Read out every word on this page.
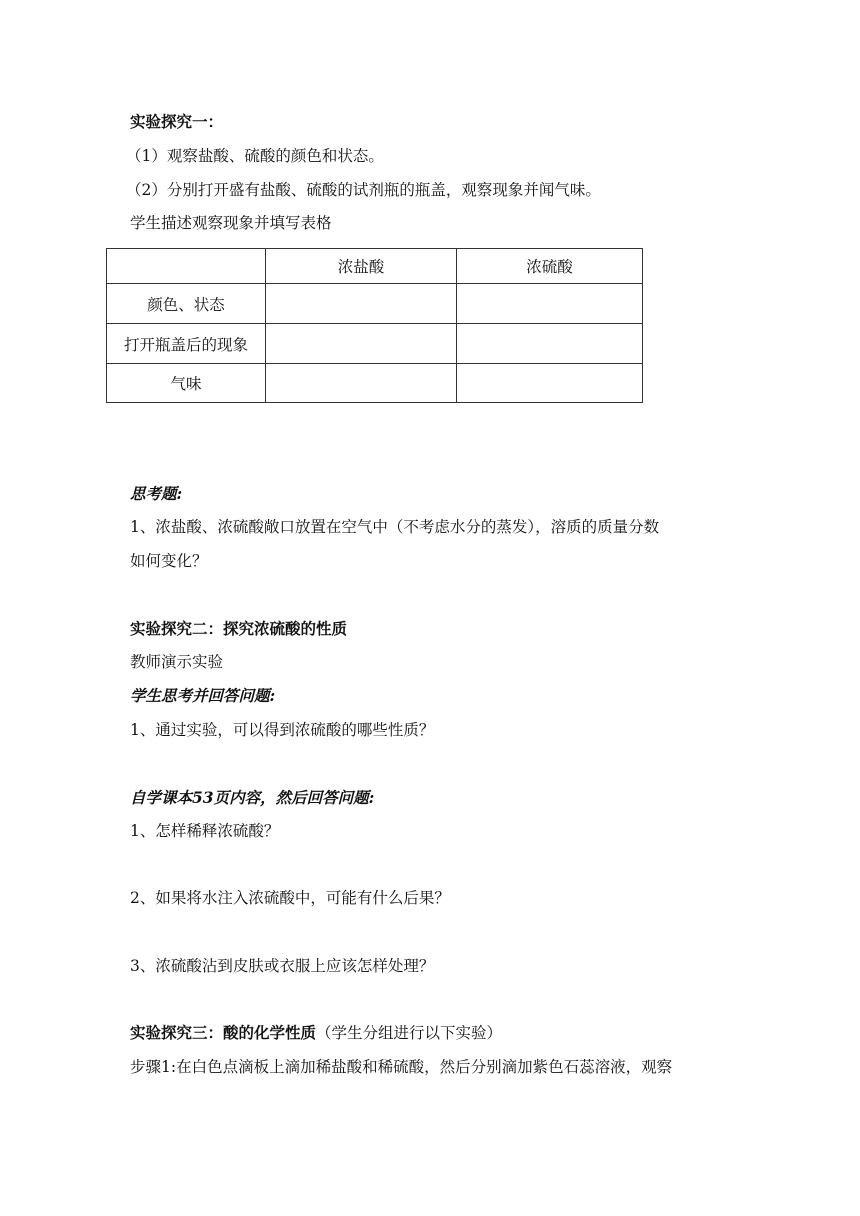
实验探究一：
（1）观察盐酸、硫酸的颜色和状态。
（2）分别打开盛有盐酸、硫酸的试剂瓶的瓶盖，观察现象并闻气味。
学生描述观察现象并填写表格
	浓盐酸	浓硫酸
颜色、状态		
打开瓶盖后的现象		
气味		
思考题:
1、浓盐酸、浓硫酸敞口放置在空气中（不考虑水分的蒸发），溶质的质量分数
如何变化？
实验探究二：探究浓硫酸的性质
教师演示实验
学生思考并回答问题:
1、通过实验，可以得到浓硫酸的哪些性质？
自学课本53页内容，然后回答问题:
1、怎样稀释浓硫酸？
2、如果将水注入浓硫酸中，可能有什么后果？
3、浓硫酸沾到皮肤或衣服上应该怎样处理？
实验探究三：酸的化学性质（学生分组进行以下实验）
步骤1:在白色点滴板上滴加稀盐酸和稀硫酸，然后分别滴加紫色石蕊溶液，观察
